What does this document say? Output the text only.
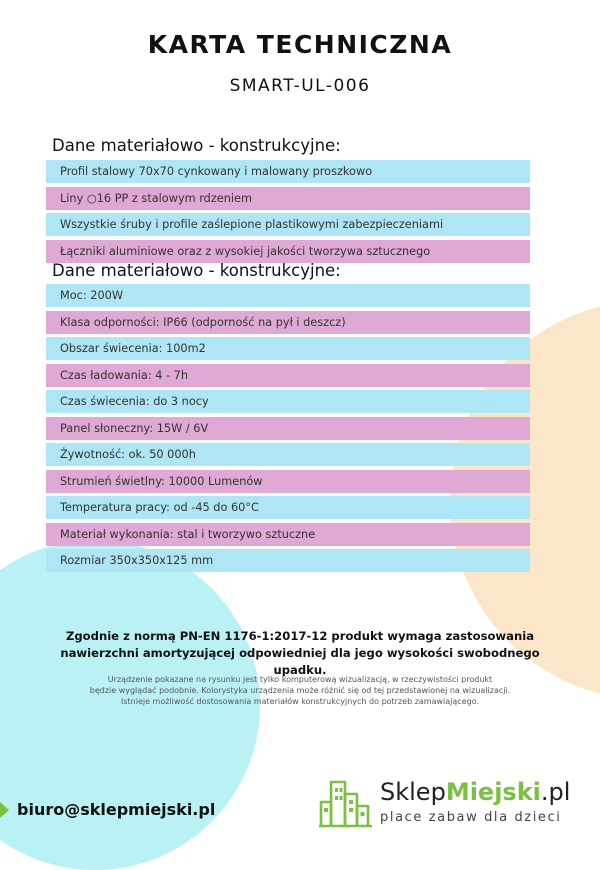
KARTA TECHNICZNA
SMART-UL-006
Dane materiałowo - konstrukcyjne:
Profil stalowy 70x70 cynkowany i malowany proszkowo
Liny ○16 PP z stalowym rdzeniem
Wszystkie śruby i profile zaślepione plastikowymi zabezpieczeniami
Łączniki aluminiowe oraz z wysokiej jakości tworzywa sztucznego
Dane materiałowo - konstrukcyjne:
Moc: 200W
Klasa odporności: IP66 (odporność na pył i deszcz)
Obszar świecenia: 100m2
Czas ładowania: 4 - 7h
Czas świecenia: do 3 nocy
Panel słoneczny: 15W / 6V
Żywotność: ok. 50 000h
Strumień świetlny: 10000 Lumenów
Temperatura pracy: od -45 do 60°C
Materiał wykonania: stal i tworzywo sztuczne
Rozmiar 350x350x125 mm
Zgodnie z normą PN-EN 1176-1:2017-12 produkt wymaga zastosowania nawierzchni amortyzującej odpowiedniej dla jego wysokości swobodnego upadku.
Urządzenie pokazane na rysunku jest tylko komputerową wizualizacją, w rzeczywistości produkt
będzie wyglądać podobnie. Kolorystyka urządzenia może różnić się od tej przedstawionej na wizualizacji.
Istnieje możliwość dostosowania materiałów konstrukcyjnych do potrzeb zamawiającego.
biuro@sklepmiejski.pl
SklepMiejski.pl
place zabaw dla dzieci
